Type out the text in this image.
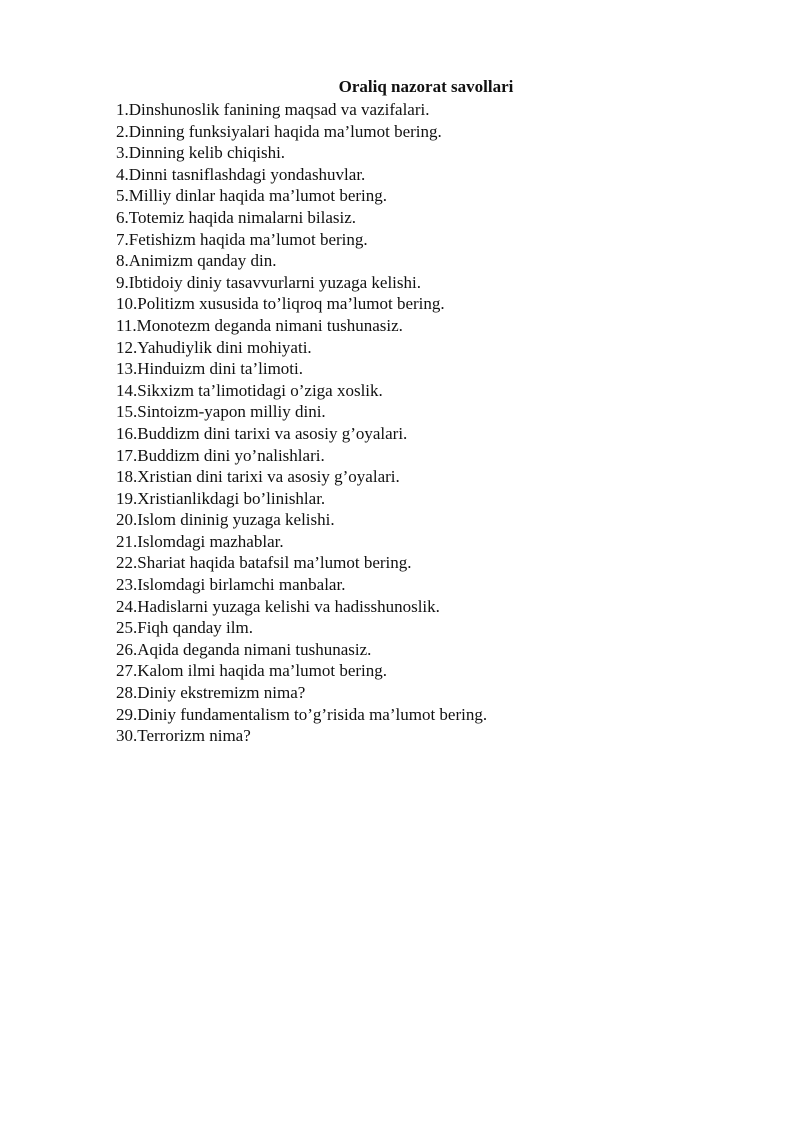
Oraliq nazorat savollari
1.Dinshunoslik fanining maqsad va vazifalari.
2.Dinning funksiyalari haqida ma’lumot bering.
3.Dinning kelib chiqishi.
4.Dinni tasniflashdagi yondashuvlar.
5.Milliy dinlar haqida ma’lumot bering.
6.Totemiz haqida nimalarni bilasiz.
7.Fetishizm haqida ma’lumot bering.
8.Animizm qanday din.
9.Ibtidoiy diniy tasavvurlarni yuzaga kelishi.
10.Politizm xususida to’liqroq ma’lumot bering.
11.Monotezm deganda nimani tushunasiz.
12.Yahudiylik dini mohiyati.
13.Hinduizm dini ta’limoti.
14.Sikxizm ta’limotidagi o’ziga xoslik.
15.Sintoizm-yapon milliy dini.
16.Buddizm dini tarixi va asosiy g’oyalari.
17.Buddizm dini yo’nalishlari.
18.Xristian dini tarixi va asosiy g’oyalari.
19.Xristianlikdagi bo’linishlar.
20.Islom dininig yuzaga kelishi.
21.Islomdagi mazhablar.
22.Shariat haqida batafsil ma’lumot bering.
23.Islomdagi birlamchi manbalar.
24.Hadislarni yuzaga kelishi va hadisshunoslik.
25.Fiqh qanday ilm.
26.Aqida deganda nimani tushunasiz.
27.Kalom ilmi haqida ma’lumot bering.
28.Diniy ekstremizm nima?
29.Diniy fundamentalism to’g’risida ma’lumot bering.
30.Terrorizm nima?
